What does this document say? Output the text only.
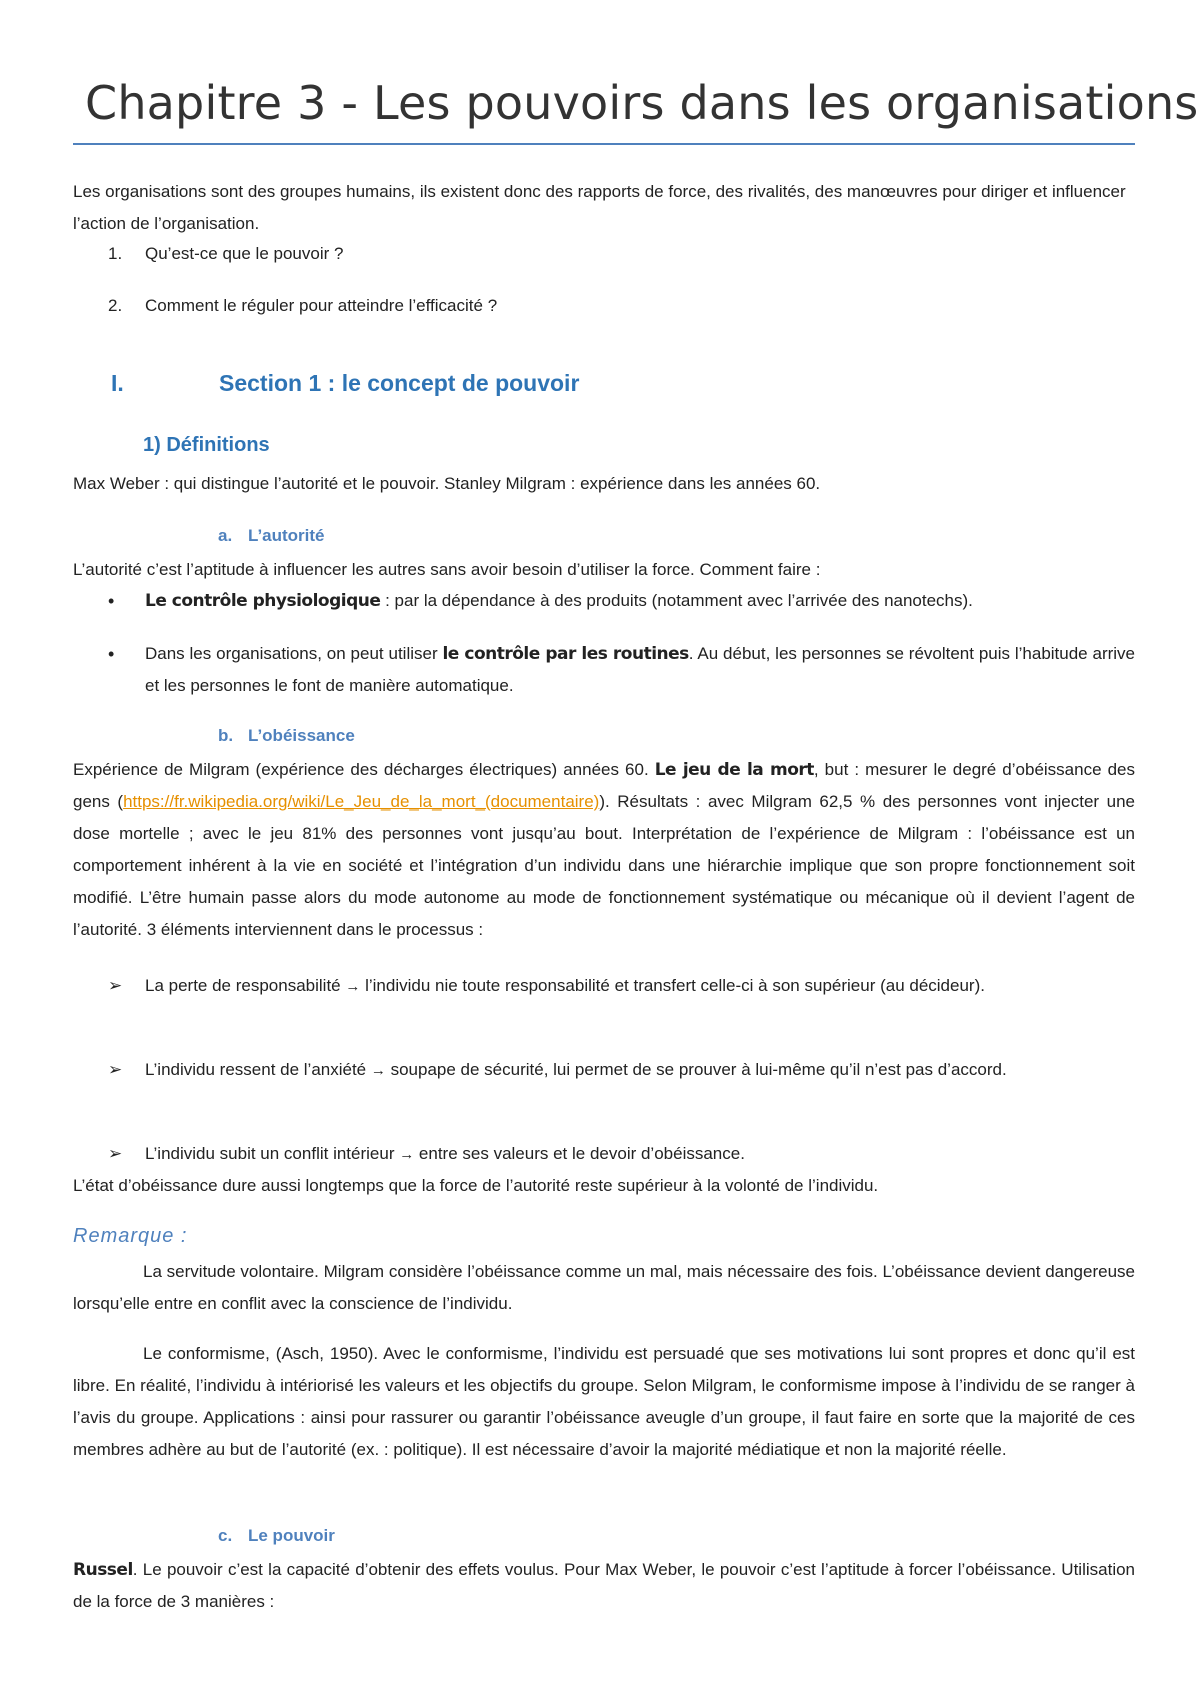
Chapitre 3 - Les pouvoirs dans les organisations

Les organisations sont des groupes humains, ils existent donc des rapports de force, des rivalités, des manœuvres pour diriger et influencer l’action de l’organisation.

1. Qu’est-ce que le pouvoir ?
2. Comment le réguler pour atteindre l’efficacité ?
I.	Section 1 : le concept de pouvoir
1) Définitions

Max Weber : qui distingue l’autorité et le pouvoir. Stanley Milgram : expérience dans les années 60.

a. L’autorité

L’autorité c’est l’aptitude à influencer les autres sans avoir besoin d’utiliser la force. Comment faire :

• Le contrôle physiologique : par la dépendance à des produits (notamment avec l’arrivée des nanotechs).
• Dans les organisations, on peut utiliser le contrôle par les routines. Au début, les personnes se révoltent puis l’habitude arrive et les personnes le font de manière automatique.
b. L’obéissance

Expérience de Milgram (expérience des décharges électriques) années 60. Le jeu de la mort, but : mesurer le degré d’obéissance des gens (https://fr.wikipedia.org/wiki/Le_Jeu_de_la_mort_(documentaire)). Résultats : avec Milgram 62,5 % des personnes vont injecter une dose mortelle ; avec le jeu 81% des personnes vont jusqu’au bout. Interprétation de l’expérience de Milgram : l’obéissance est un comportement inhérent à la vie en société et l’intégration d’un individu dans une hiérarchie implique que son propre fonctionnement soit modifié. L’être humain passe alors du mode autonome au mode de fonctionnement systématique ou mécanique où il devient l’agent de l’autorité. 3 éléments interviennent dans le processus :

➢ La perte de responsabilité → l’individu nie toute responsabilité et transfert celle-ci à son supérieur (au décideur).
➢ L’individu ressent de l’anxiété → soupape de sécurité, lui permet de se prouver à lui-même qu’il n’est pas d’accord.
➢ L’individu subit un conflit intérieur → entre ses valeurs et le devoir d’obéissance.

L’état d’obéissance dure aussi longtemps que la force de l’autorité reste supérieur à la volonté de l’individu.

Remarque :

La servitude volontaire. Milgram considère l’obéissance comme un mal, mais nécessaire des fois. L’obéissance devient dangereuse lorsqu’elle entre en conflit avec la conscience de l’individu.

Le conformisme, (Asch, 1950). Avec le conformisme, l’individu est persuadé que ses motivations lui sont propres et donc qu’il est libre. En réalité, l’individu à intériorisé les valeurs et les objectifs du groupe. Selon Milgram, le conformisme impose à l’individu de se ranger à l’avis du groupe. Applications : ainsi pour rassurer ou garantir l’obéissance aveugle d’un groupe, il faut faire en sorte que la majorité de ces membres adhère au but de l’autorité (ex. : politique). Il est nécessaire d’avoir la majorité médiatique et non la majorité réelle.

c. Le pouvoir

Russel. Le pouvoir c’est la capacité d’obtenir des effets voulus. Pour Max Weber, le pouvoir c’est l’aptitude à forcer l’obéissance. Utilisation de la force de 3 manières :
